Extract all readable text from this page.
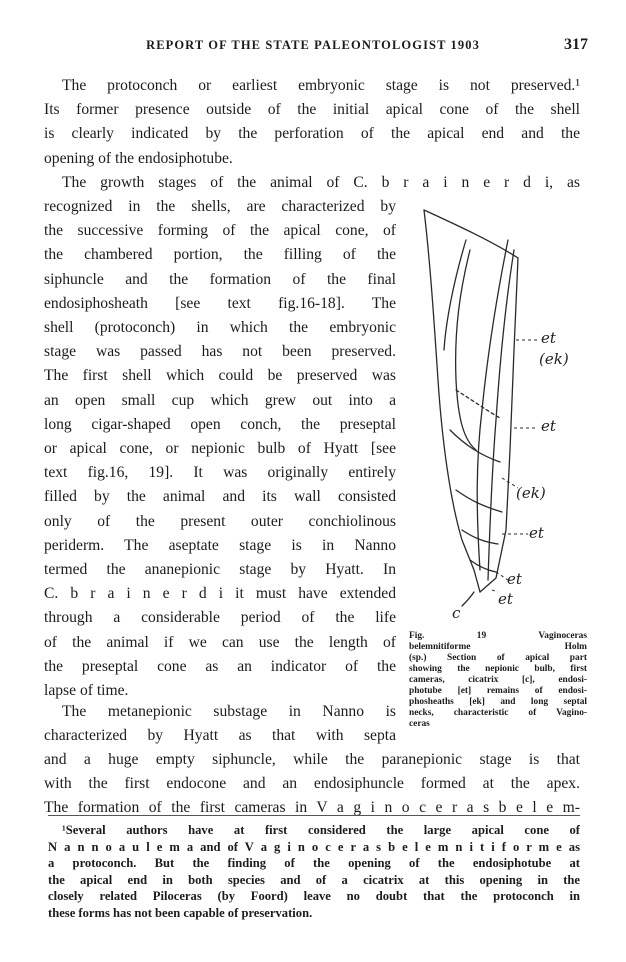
REPORT OF THE STATE PALEONTOLOGIST 1903	317
The protoconch or earliest embryonic stage is not preserved.¹
Its former presence outside of the initial apical cone of the shell
is clearly indicated by the perforation of the apical end and the
opening of the endosiphotube.
The growth stages of the animal of C. b r a i n e r d i, as
recognized in the shells, are characterized by
the successive forming of the apical cone, of
the chambered portion, the filling of the
siphuncle and the formation of the final
endosiphosheath [see text fig.16-18]. The
shell (protoconch) in which the embryonic
stage was passed has not been preserved.
The first shell which could be preserved was
an open small cup which grew out into a
long cigar-shaped open conch, the preseptal
or apical cone, or nepionic bulb of Hyatt [see
text fig.16, 19]. It was originally entirely
filled by the animal and its wall consisted
only of the present outer conchiolinous
periderm. The aseptate stage is in Nanno
termed the ananepionic stage by Hyatt. In
C. b r a i n e r d i it must have extended
through a considerable period of the life
of the animal if we can use the length of
the preseptal cone as an indicator of the
lapse of time.
The metanepionic substage in Nanno is
characterized by Hyatt as that with septa
and a huge empty siphuncle, while the paranepionic stage is that
with the first endocone and an endosiphuncle formed at the apex.
The formation of the first cameras in V a g i n o c e r a s b e l e m-
et
(ek)
et
(ek)
et
et
et
c
Fig. 19 Vaginoceras
belemnitiforme Holm
(sp.) Section of apical part
showing the nepionic bulb, first
cameras, cicatrix [c], endosi-
photube [et] remains of endosi-
phosheaths [ek] and long septal
necks, characteristic of Vagino-
ceras
¹Several authors have at first considered the large apical cone of
N a n n o a u l e m a and of V a g i n o c e r a s b e l e m n i t i f o r m e as
a protoconch. But the finding of the opening of the endosiphotube at
the apical end in both species and of a cicatrix at this opening in the
closely related Piloceras (by Foord) leave no doubt that the protoconch in
these forms has not been capable of preservation.
